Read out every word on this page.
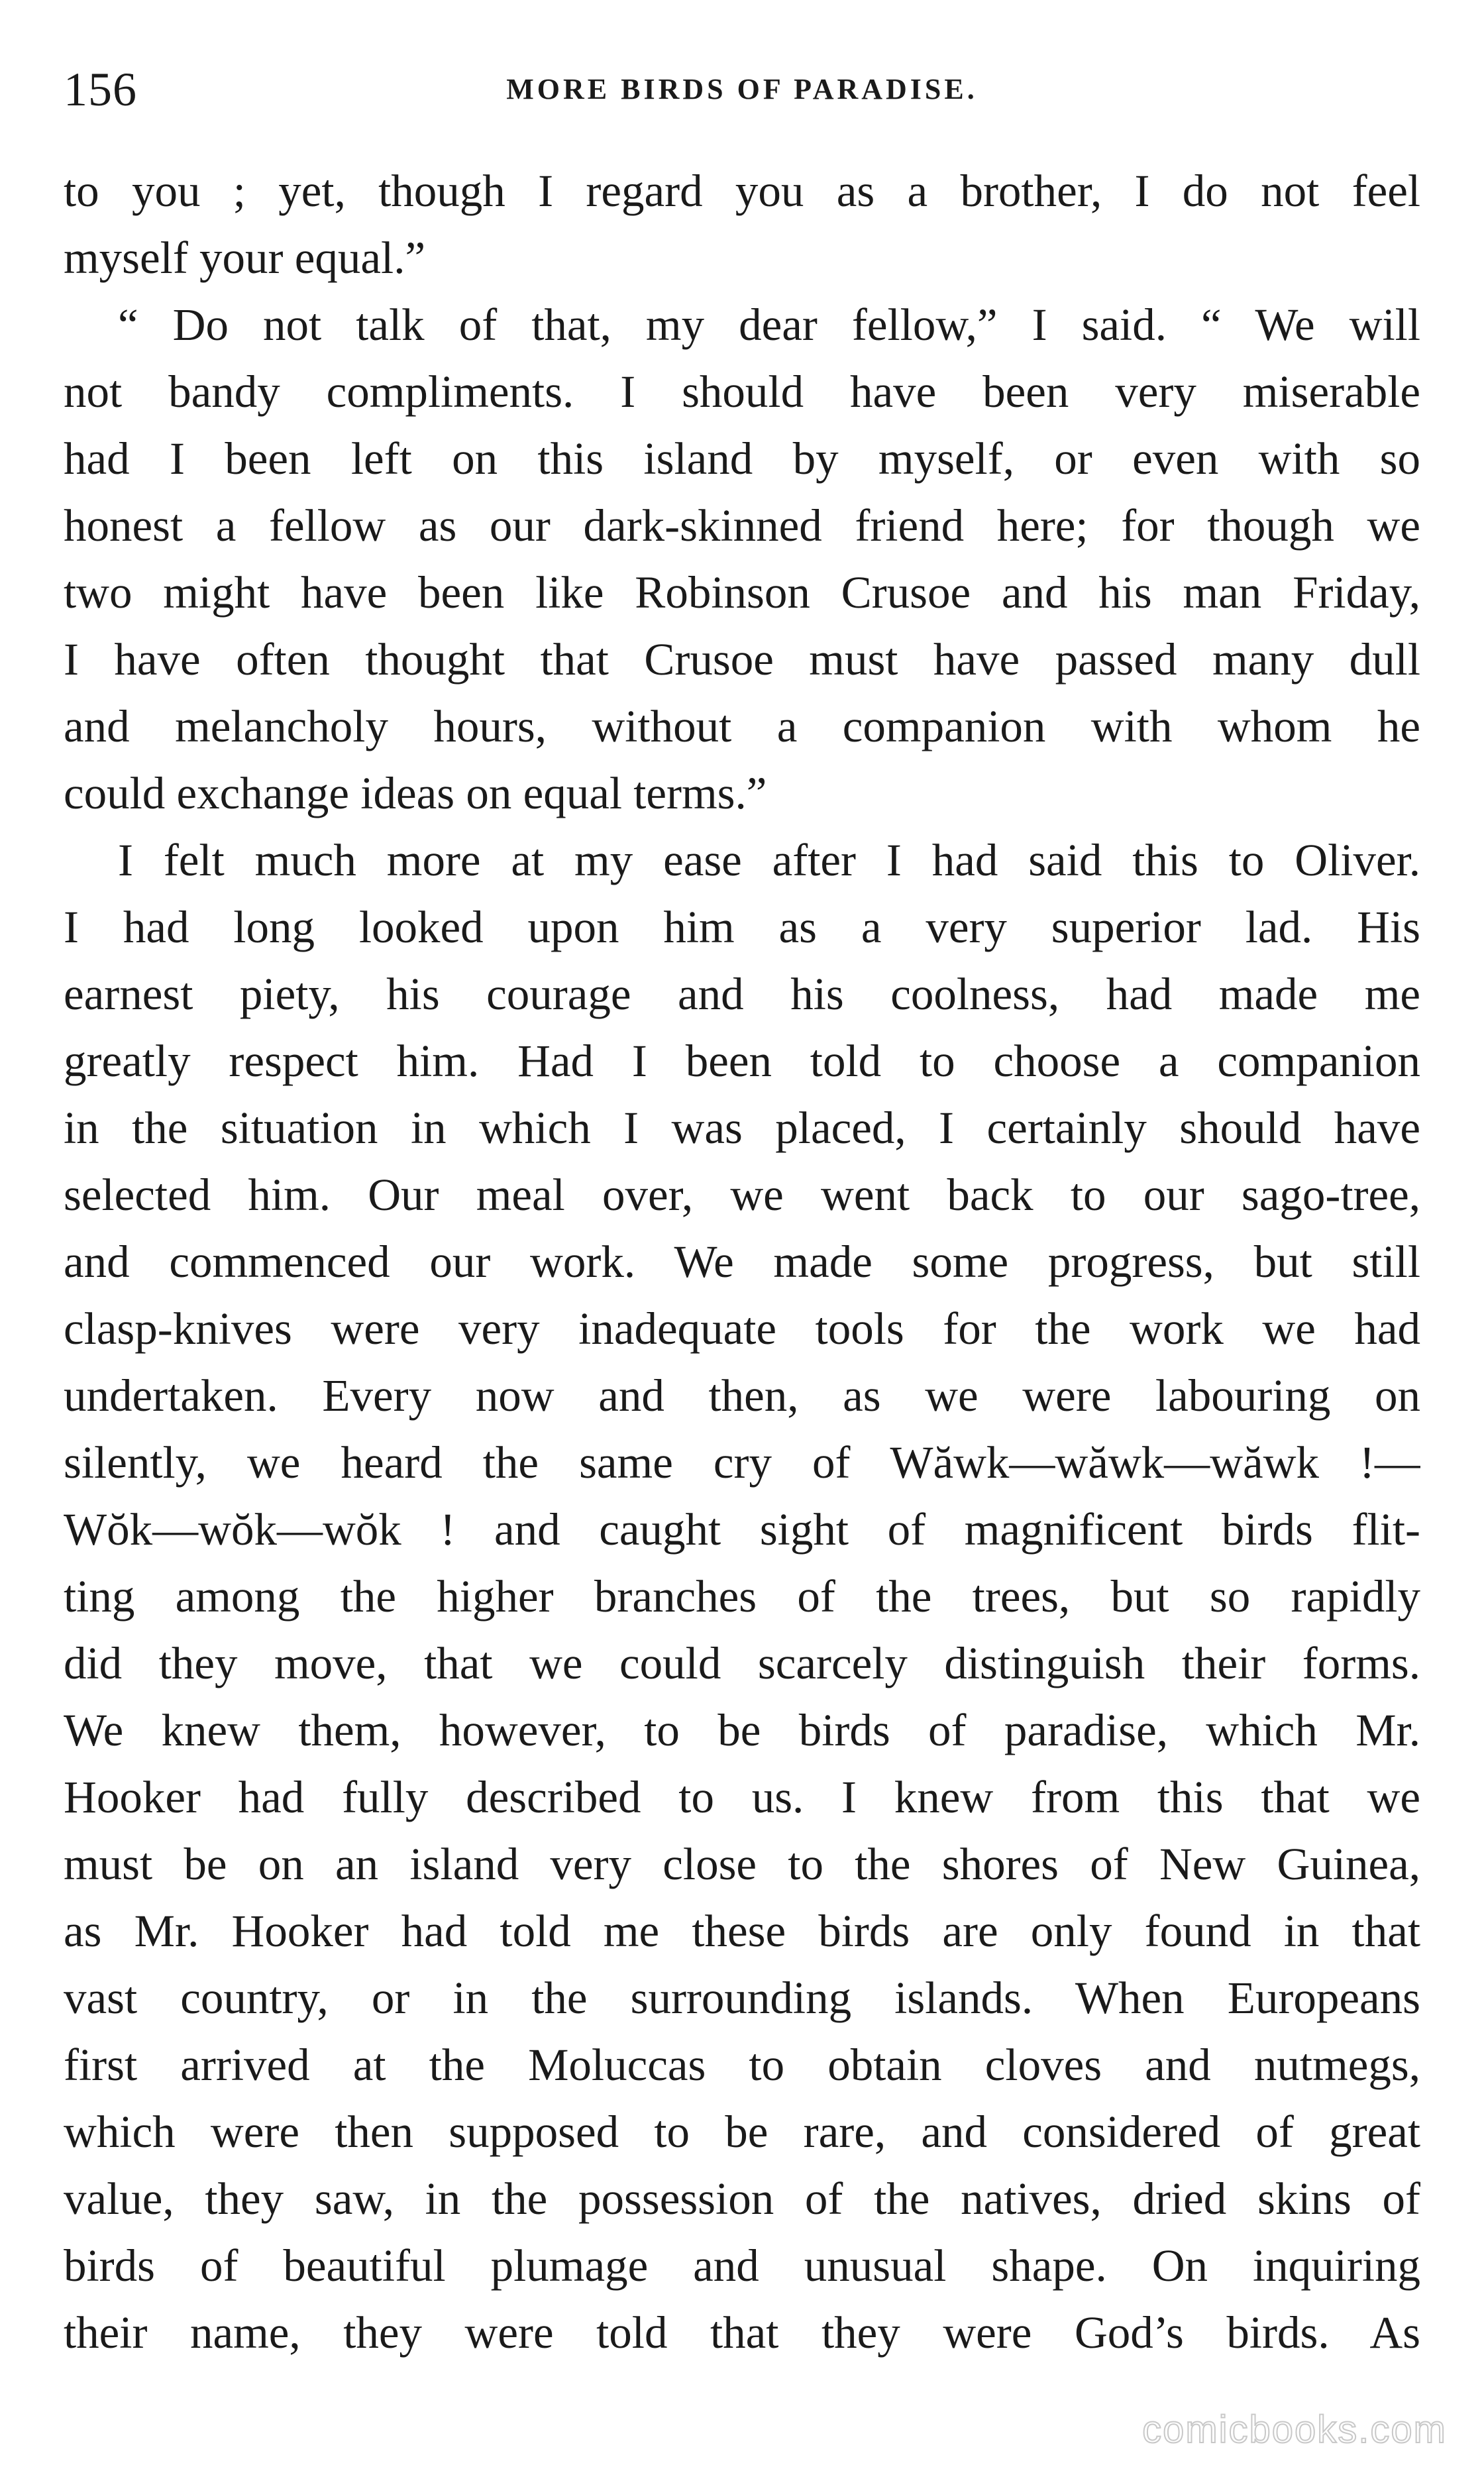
156	MORE BIRDS OF PARADISE.
to you ; yet, though I regard you as a brother, I do not feel
myself your equal.”
“ Do not talk of that, my dear fellow,” I said. “ We will
not bandy compliments. I should have been very miserable
had I been left on this island by myself, or even with so
honest a fellow as our dark-skinned friend here; for though we
two might have been like Robinson Crusoe and his man Friday,
I have often thought that Crusoe must have passed many dull
and melancholy hours, without a companion with whom he
could exchange ideas on equal terms.”
I felt much more at my ease after I had said this to Oliver.
I had long looked upon him as a very superior lad. His
earnest piety, his courage and his coolness, had made me
greatly respect him. Had I been told to choose a companion
in the situation in which I was placed, I certainly should have
selected him. Our meal over, we went back to our sago-tree,
and commenced our work. We made some progress, but still
clasp-knives were very inadequate tools for the work we had
undertaken. Every now and then, as we were labouring on
silently, we heard the same cry of Wăwk—wăwk—wăwk !—
Wŏk—wŏk—wŏk ! and caught sight of magnificent birds flit-
ting among the higher branches of the trees, but so rapidly
did they move, that we could scarcely distinguish their forms.
We knew them, however, to be birds of paradise, which Mr.
Hooker had fully described to us. I knew from this that we
must be on an island very close to the shores of New Guinea,
as Mr. Hooker had told me these birds are only found in that
vast country, or in the surrounding islands. When Europeans
first arrived at the Moluccas to obtain cloves and nutmegs,
which were then supposed to be rare, and considered of great
value, they saw, in the possession of the natives, dried skins of
birds of beautiful plumage and unusual shape. On inquiring
their name, they were told that they were God’s birds. As
comicbooks.com
